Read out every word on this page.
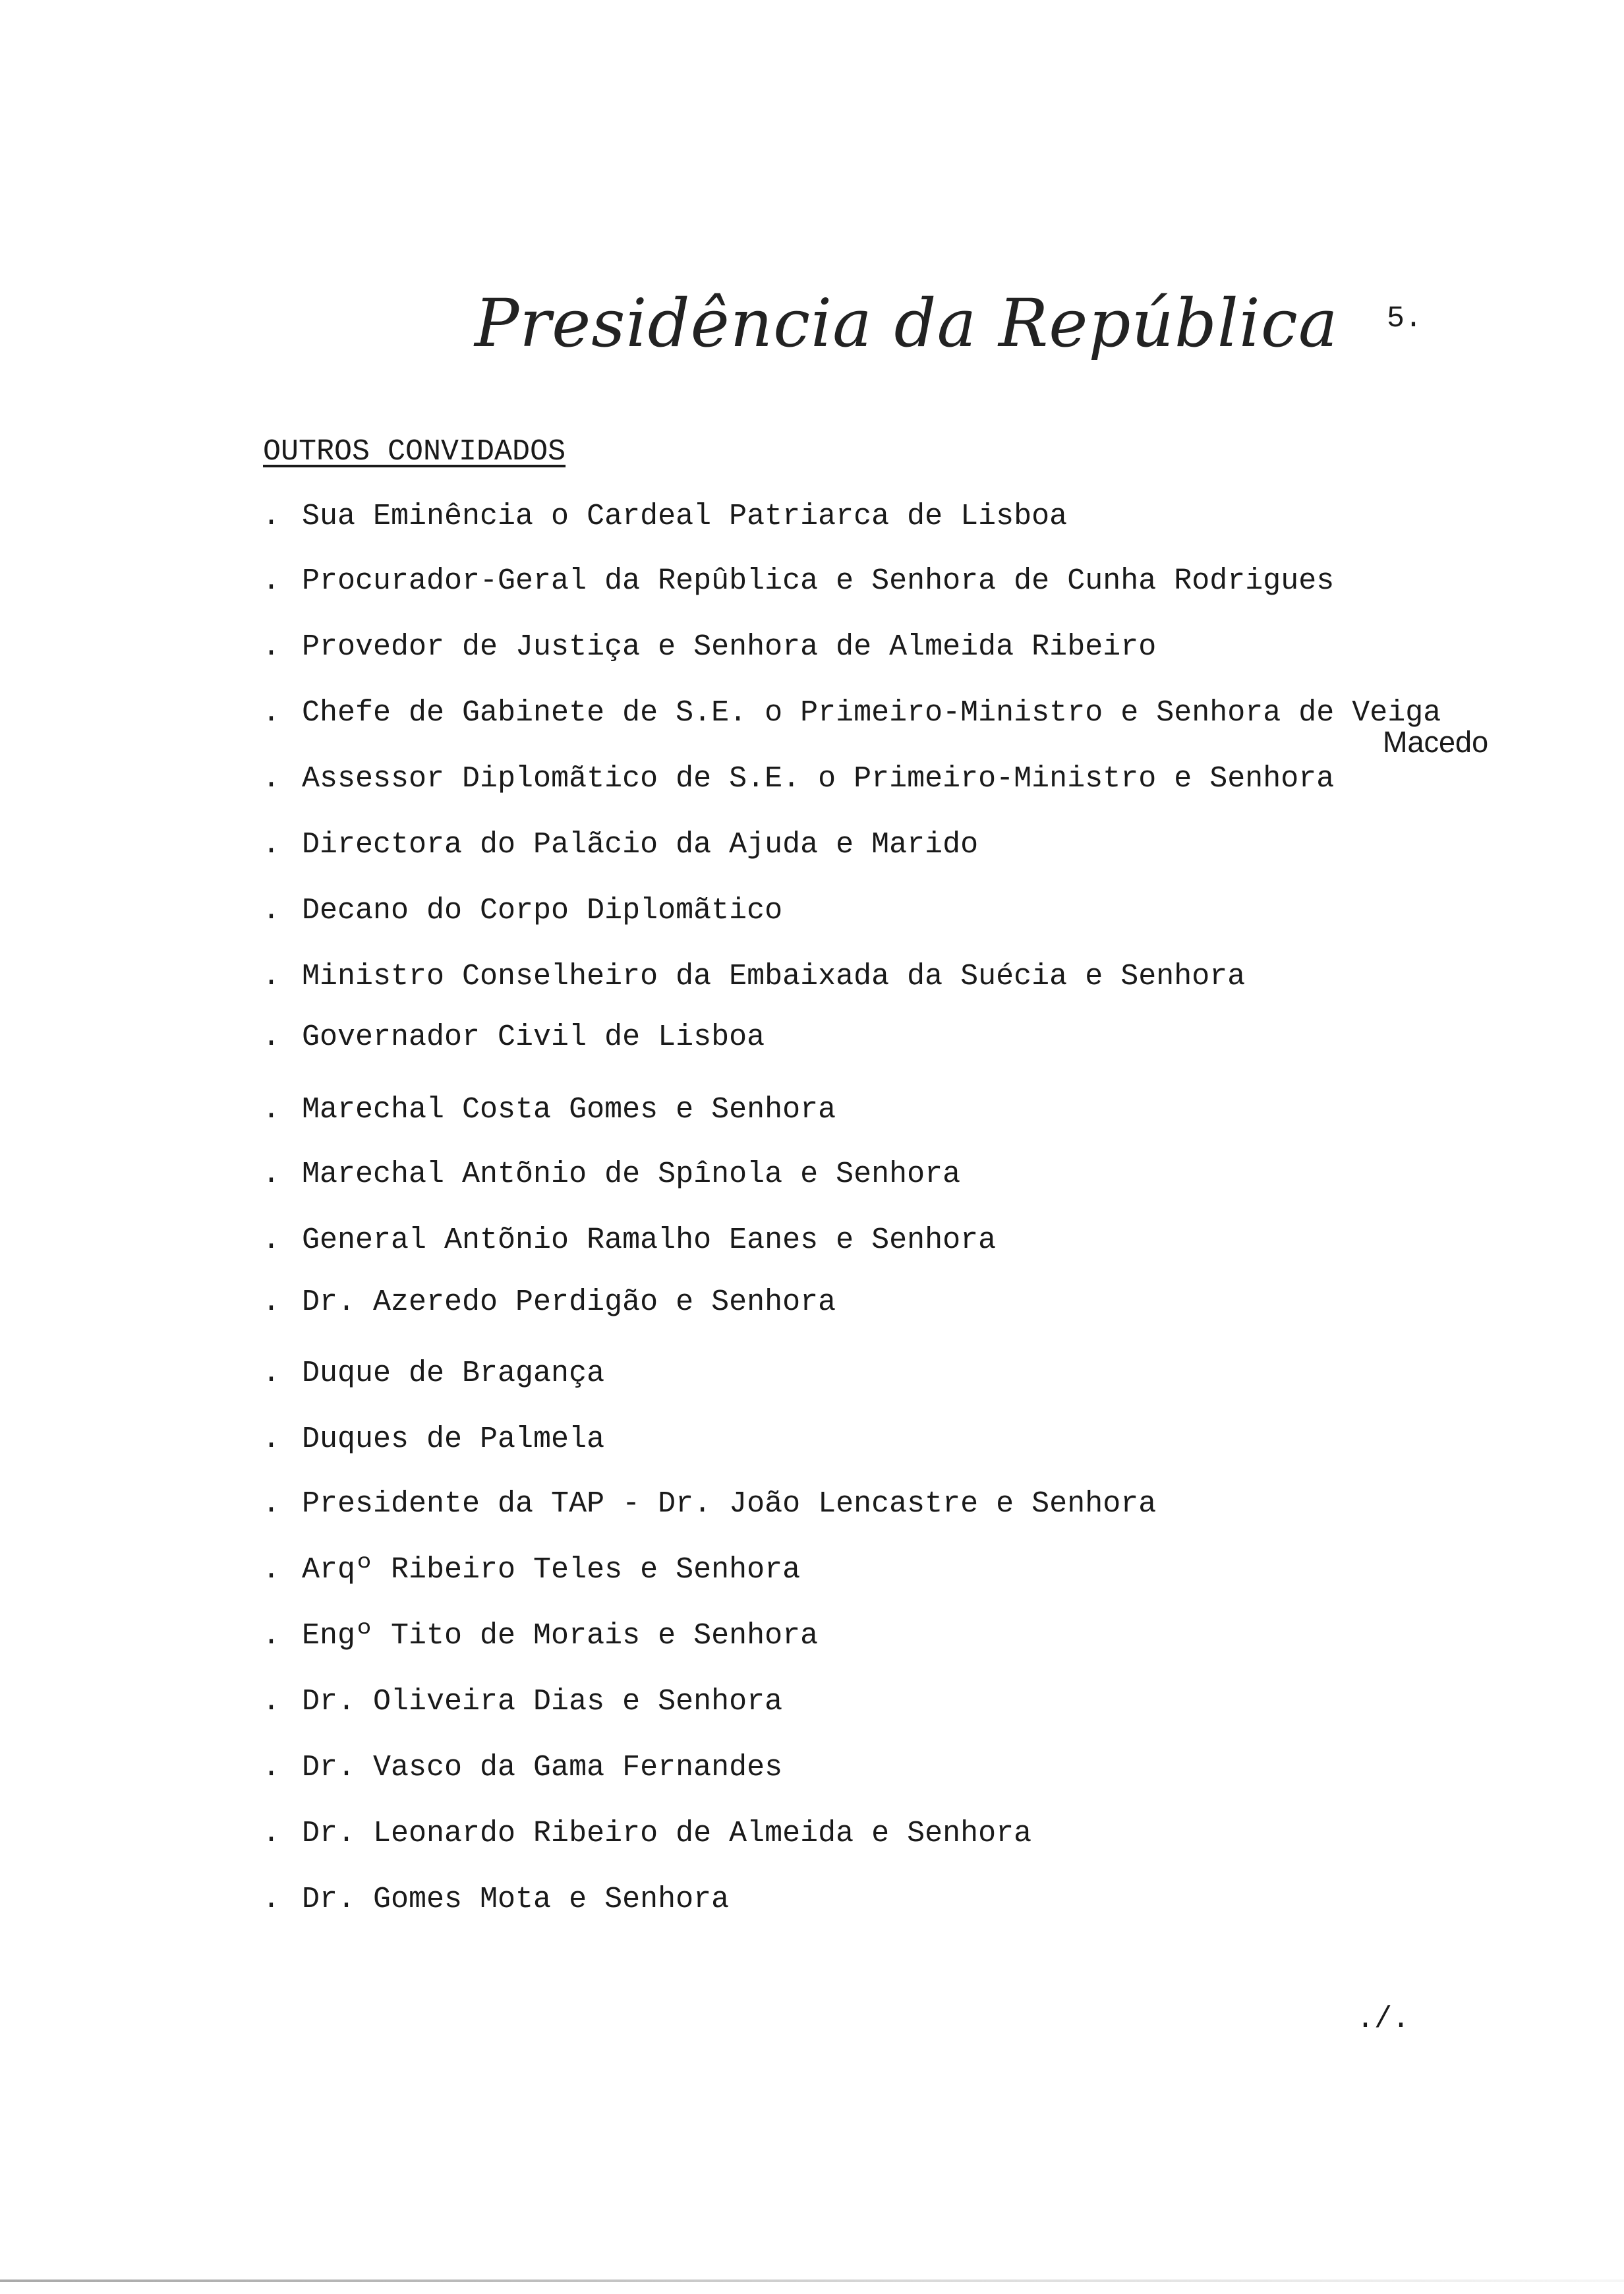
Presidência da República 5.
OUTROS CONVIDADOS
. Sua Eminência o Cardeal Patriarca de Lisboa
. Procurador-Geral da Repûblica e Senhora de Cunha Rodrigues
. Provedor de Justiça e Senhora de Almeida Ribeiro
. Chefe de Gabinete de S.E. o Primeiro-Ministro e Senhora de Veiga
. Assessor Diplomãtico de S.E. o Primeiro-Ministro e Senhora
. Directora do Palãcio da Ajuda e Marido
. Decano do Corpo Diplomãtico
. Ministro Conselheiro da Embaixada da Suécia e Senhora
. Governador Civil de Lisboa
. Marechal Costa Gomes e Senhora
. Marechal Antõnio de Spînola e Senhora
. General Antõnio Ramalho Eanes e Senhora
. Dr. Azeredo Perdigão e Senhora
. Duque de Bragança
. Duques de Palmela
. Presidente da TAP - Dr. João Lencastre e Senhora
. Arqº Ribeiro Teles e Senhora
. Engº Tito de Morais e Senhora
. Dr. Oliveira Dias e Senhora
. Dr. Vasco da Gama Fernandes
. Dr. Leonardo Ribeiro de Almeida e Senhora
. Dr. Gomes Mota e Senhora
Macedo
./.
